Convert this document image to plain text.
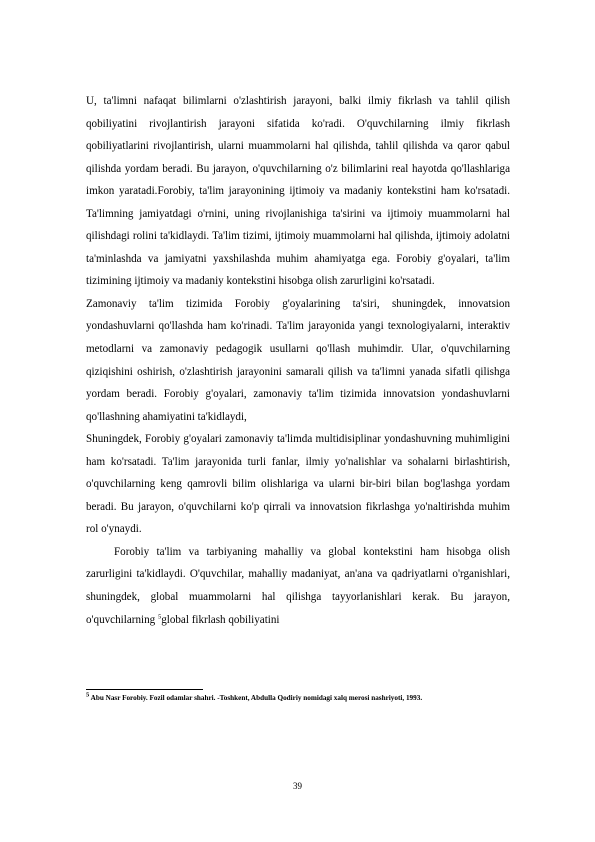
U, ta'limni nafaqat bilimlarni o'zlashtirish jarayoni, balki ilmiy fikrlash va tahlil qilish qobiliyatini rivojlantirish jarayoni sifatida ko'radi. O'quvchilarning ilmiy fikrlash qobiliyatlarini rivojlantirish, ularni muammolarni hal qilishda, tahlil qilishda va qaror qabul qilishda yordam beradi. Bu jarayon, o'quvchilarning o'z bilimlarini real hayotda qo'llashlariga imkon yaratadi.Forobiy, ta'lim jarayonining ijtimoiy va madaniy kontekstini ham ko'rsatadi. Ta'limning jamiyatdagi o'rnini, uning rivojlanishiga ta'sirini va ijtimoiy muammolarni hal qilishdagi rolini ta'kidlaydi. Ta'lim tizimi, ijtimoiy muammolarni hal qilishda, ijtimoiy adolatni ta'minlashda va jamiyatni yaxshilashda muhim ahamiyatga ega. Forobiy g'oyalari, ta'lim tizimining ijtimoiy va madaniy kontekstini hisobga olish zarurligini ko'rsatadi.

Zamonaviy ta'lim tizimida Forobiy g'oyalarining ta'siri, shuningdek, innovatsion yondashuvlarni qo'llashda ham ko'rinadi. Ta'lim jarayonida yangi texnologiyalarni, interaktiv metodlarni va zamonaviy pedagogik usullarni qo'llash muhimdir. Ular, o'quvchilarning qiziqishini oshirish, o'zlashtirish jarayonini samarali qilish va ta'limni yanada sifatli qilishga yordam beradi. Forobiy g'oyalari, zamonaviy ta'lim tizimida innovatsion yondashuvlarni qo'llashning ahamiyatini ta'kidlaydi,

Shuningdek, Forobiy g'oyalari zamonaviy ta'limda multidisiplinar yondashuvning muhimligini ham ko'rsatadi. Ta'lim jarayonida turli fanlar, ilmiy yo'nalishlar va sohalarni birlashtirish, o'quvchilarning keng qamrovli bilim olishlariga va ularni bir-biri bilan bog'lashga yordam beradi. Bu jarayon, o'quvchilarni ko'p qirrali va innovatsion fikrlashga yo'naltirishda muhim rol o'ynaydi.

Forobiy ta'lim va tarbiyaning mahalliy va global kontekstini ham hisobga olish zarurligini ta'kidlaydi. O'quvchilar, mahalliy madaniyat, an'ana va qadriyatlarni o'rganishlari, shuningdek, global muammolarni hal qilishga tayyorlanishlari kerak. Bu jarayon, o'quvchilarning $^5$global fikrlash qobiliyatini

$^5$ Abu Nasr Forobiy. Fozil odamlar shahri. -Toshkent, Abdulla Qodiriy nomidagi xalq merosi nashriyoti, 1993.
39
